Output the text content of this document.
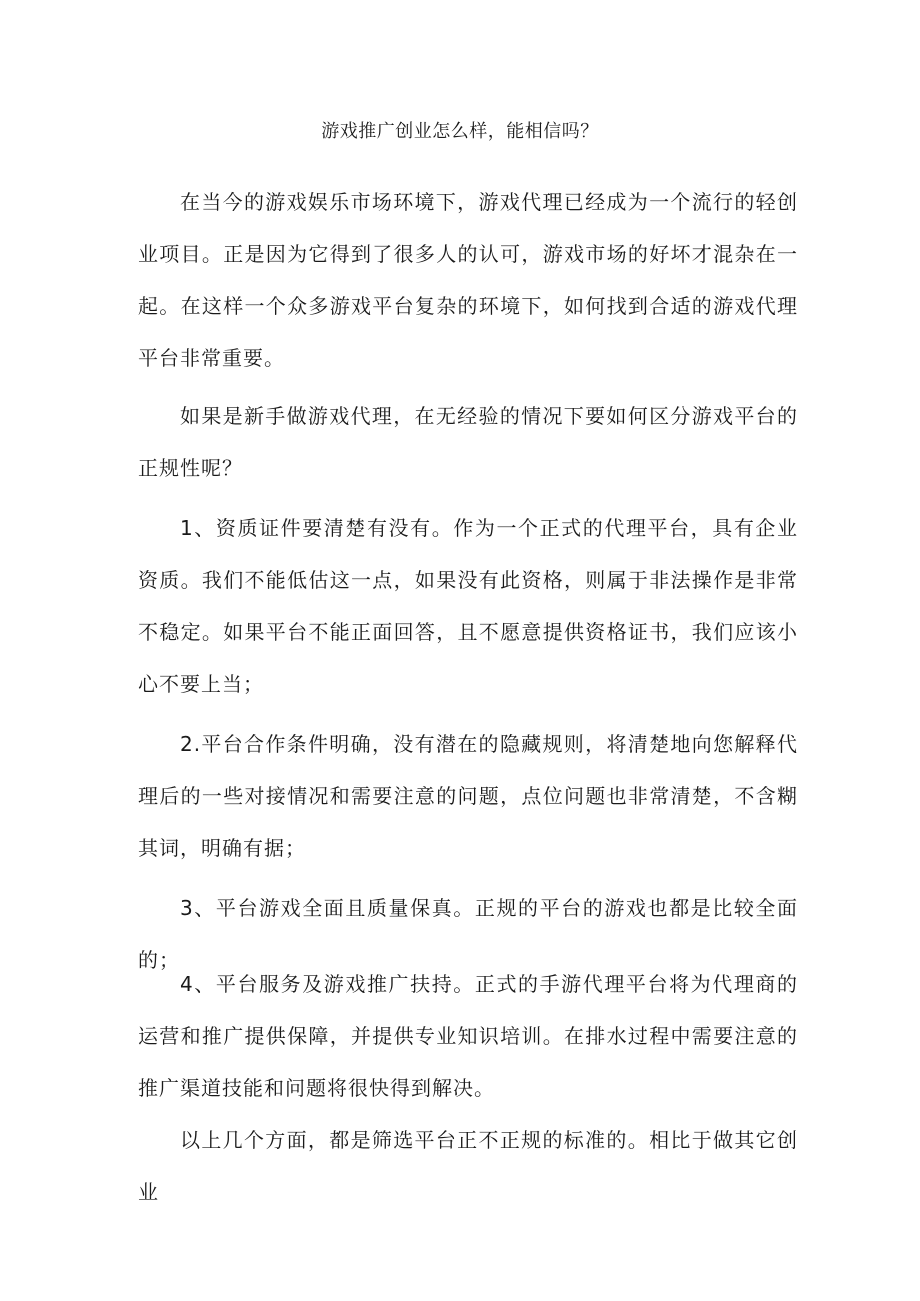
游戏推广创业怎么样，能相信吗？

在当今的游戏娱乐市场环境下，游戏代理已经成为一个流行的轻创业项目。正是因为它得到了很多人的认可，游戏市场的好坏才混杂在一起。在这样一个众多游戏平台复杂的环境下，如何找到合适的游戏代理平台非常重要。

如果是新手做游戏代理，在无经验的情况下要如何区分游戏平台的正规性呢？

1、资质证件要清楚有没有。作为一个正式的代理平台，具有企业资质。我们不能低估这一点，如果没有此资格，则属于非法操作是非常不稳定。如果平台不能正面回答，且不愿意提供资格证书，我们应该小心不要上当；

2.平台合作条件明确，没有潜在的隐藏规则，将清楚地向您解释代理后的一些对接情况和需要注意的问题，点位问题也非常清楚，不含糊其词，明确有据；

3、平台游戏全面且质量保真。正规的平台的游戏也都是比较全面的；

4、平台服务及游戏推广扶持。正式的手游代理平台将为代理商的运营和推广提供保障，并提供专业知识培训。在排水过程中需要注意的推广渠道技能和问题将很快得到解决。

以上几个方面，都是筛选平台正不正规的标准的。相比于做其它创业
